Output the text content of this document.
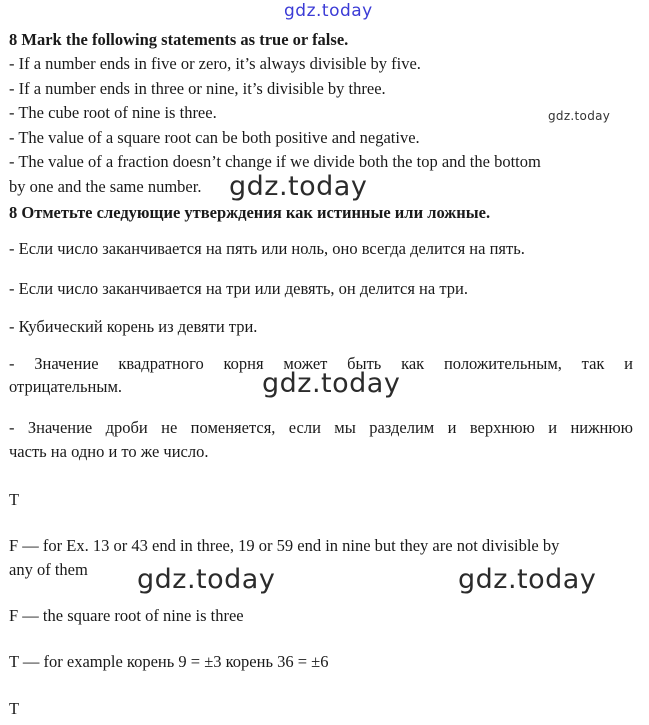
gdz.today
gdz.today
gdz.today
gdz.today
gdz.today	gdz.today
8 Mark the following statements as true or false.
- If a number ends in five or zero, it’s always divisible by five.
- If a number ends in three or nine, it’s divisible by three.
- The cube root of nine is three.
- The value of a square root can be both positive and negative.
- The value of a fraction doesn’t change if we divide both the top and the bottom
by one and the same number.
8 Отметьте следующие утверждения как истинные или ложные.
- Если число заканчивается на пять или ноль, оно всегда делится на пять.
- Если число заканчивается на три или девять, он делится на три.
- Кубический корень из девяти три.
- Значение квадратного корня может быть как положительным, так и
отрицательным.
- Значение дроби не поменяется, если мы разделим и верхнюю и нижнюю
часть на одно и то же число.
T
F — for Ex. 13 or 43 end in three, 19 or 59 end in nine but they are not divisible by
any of them
F — the square root of nine is three
T — for example корень 9 = ±3 корень 36 = ±6
T
